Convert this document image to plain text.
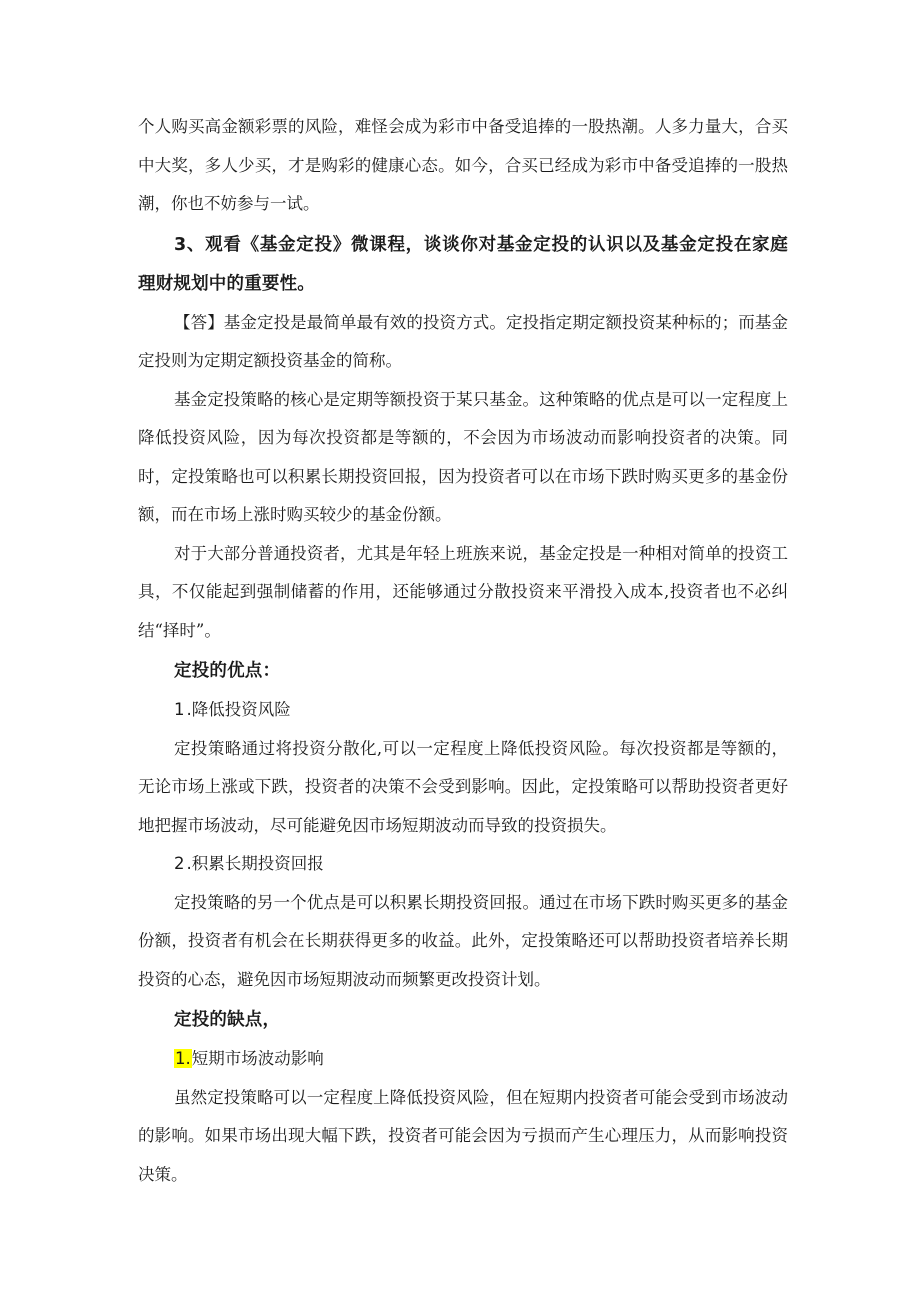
个人购买高金额彩票的风险，难怪会成为彩市中备受追捧的一股热潮。人多力量大，合买中大奖，多人少买，才是购彩的健康心态。如今，合买已经成为彩市中备受追捧的一股热潮，你也不妨参与一试。

3、观看《基金定投》微课程，谈谈你对基金定投的认识以及基金定投在家庭理财规划中的重要性。

【答】基金定投是最简单最有效的投资方式。定投指定期定额投资某种标的；而基金定投则为定期定额投资基金的简称。

基金定投策略的核心是定期等额投资于某只基金。这种策略的优点是可以一定程度上降低投资风险，因为每次投资都是等额的，不会因为市场波动而影响投资者的决策。同时，定投策略也可以积累长期投资回报，因为投资者可以在市场下跌时购买更多的基金份额，而在市场上涨时购买较少的基金份额。

对于大部分普通投资者，尤其是年轻上班族来说，基金定投是一种相对简单的投资工具，不仅能起到强制储蓄的作用，还能够通过分散投资来平滑投入成本,投资者也不必纠结“择时”。

定投的优点：

1.降低投资风险

定投策略通过将投资分散化,可以一定程度上降低投资风险。每次投资都是等额的，无论市场上涨或下跌，投资者的决策不会受到影响。因此，定投策略可以帮助投资者更好地把握市场波动，尽可能避免因市场短期波动而导致的投资损失。

2.积累长期投资回报

定投策略的另一个优点是可以积累长期投资回报。通过在市场下跌时购买更多的基金份额，投资者有机会在长期获得更多的收益。此外，定投策略还可以帮助投资者培养长期投资的心态，避免因市场短期波动而频繁更改投资计划。

定投的缺点，

1.短期市场波动影响

虽然定投策略可以一定程度上降低投资风险，但在短期内投资者可能会受到市场波动的影响。如果市场出现大幅下跌，投资者可能会因为亏损而产生心理压力，从而影响投资决策。
